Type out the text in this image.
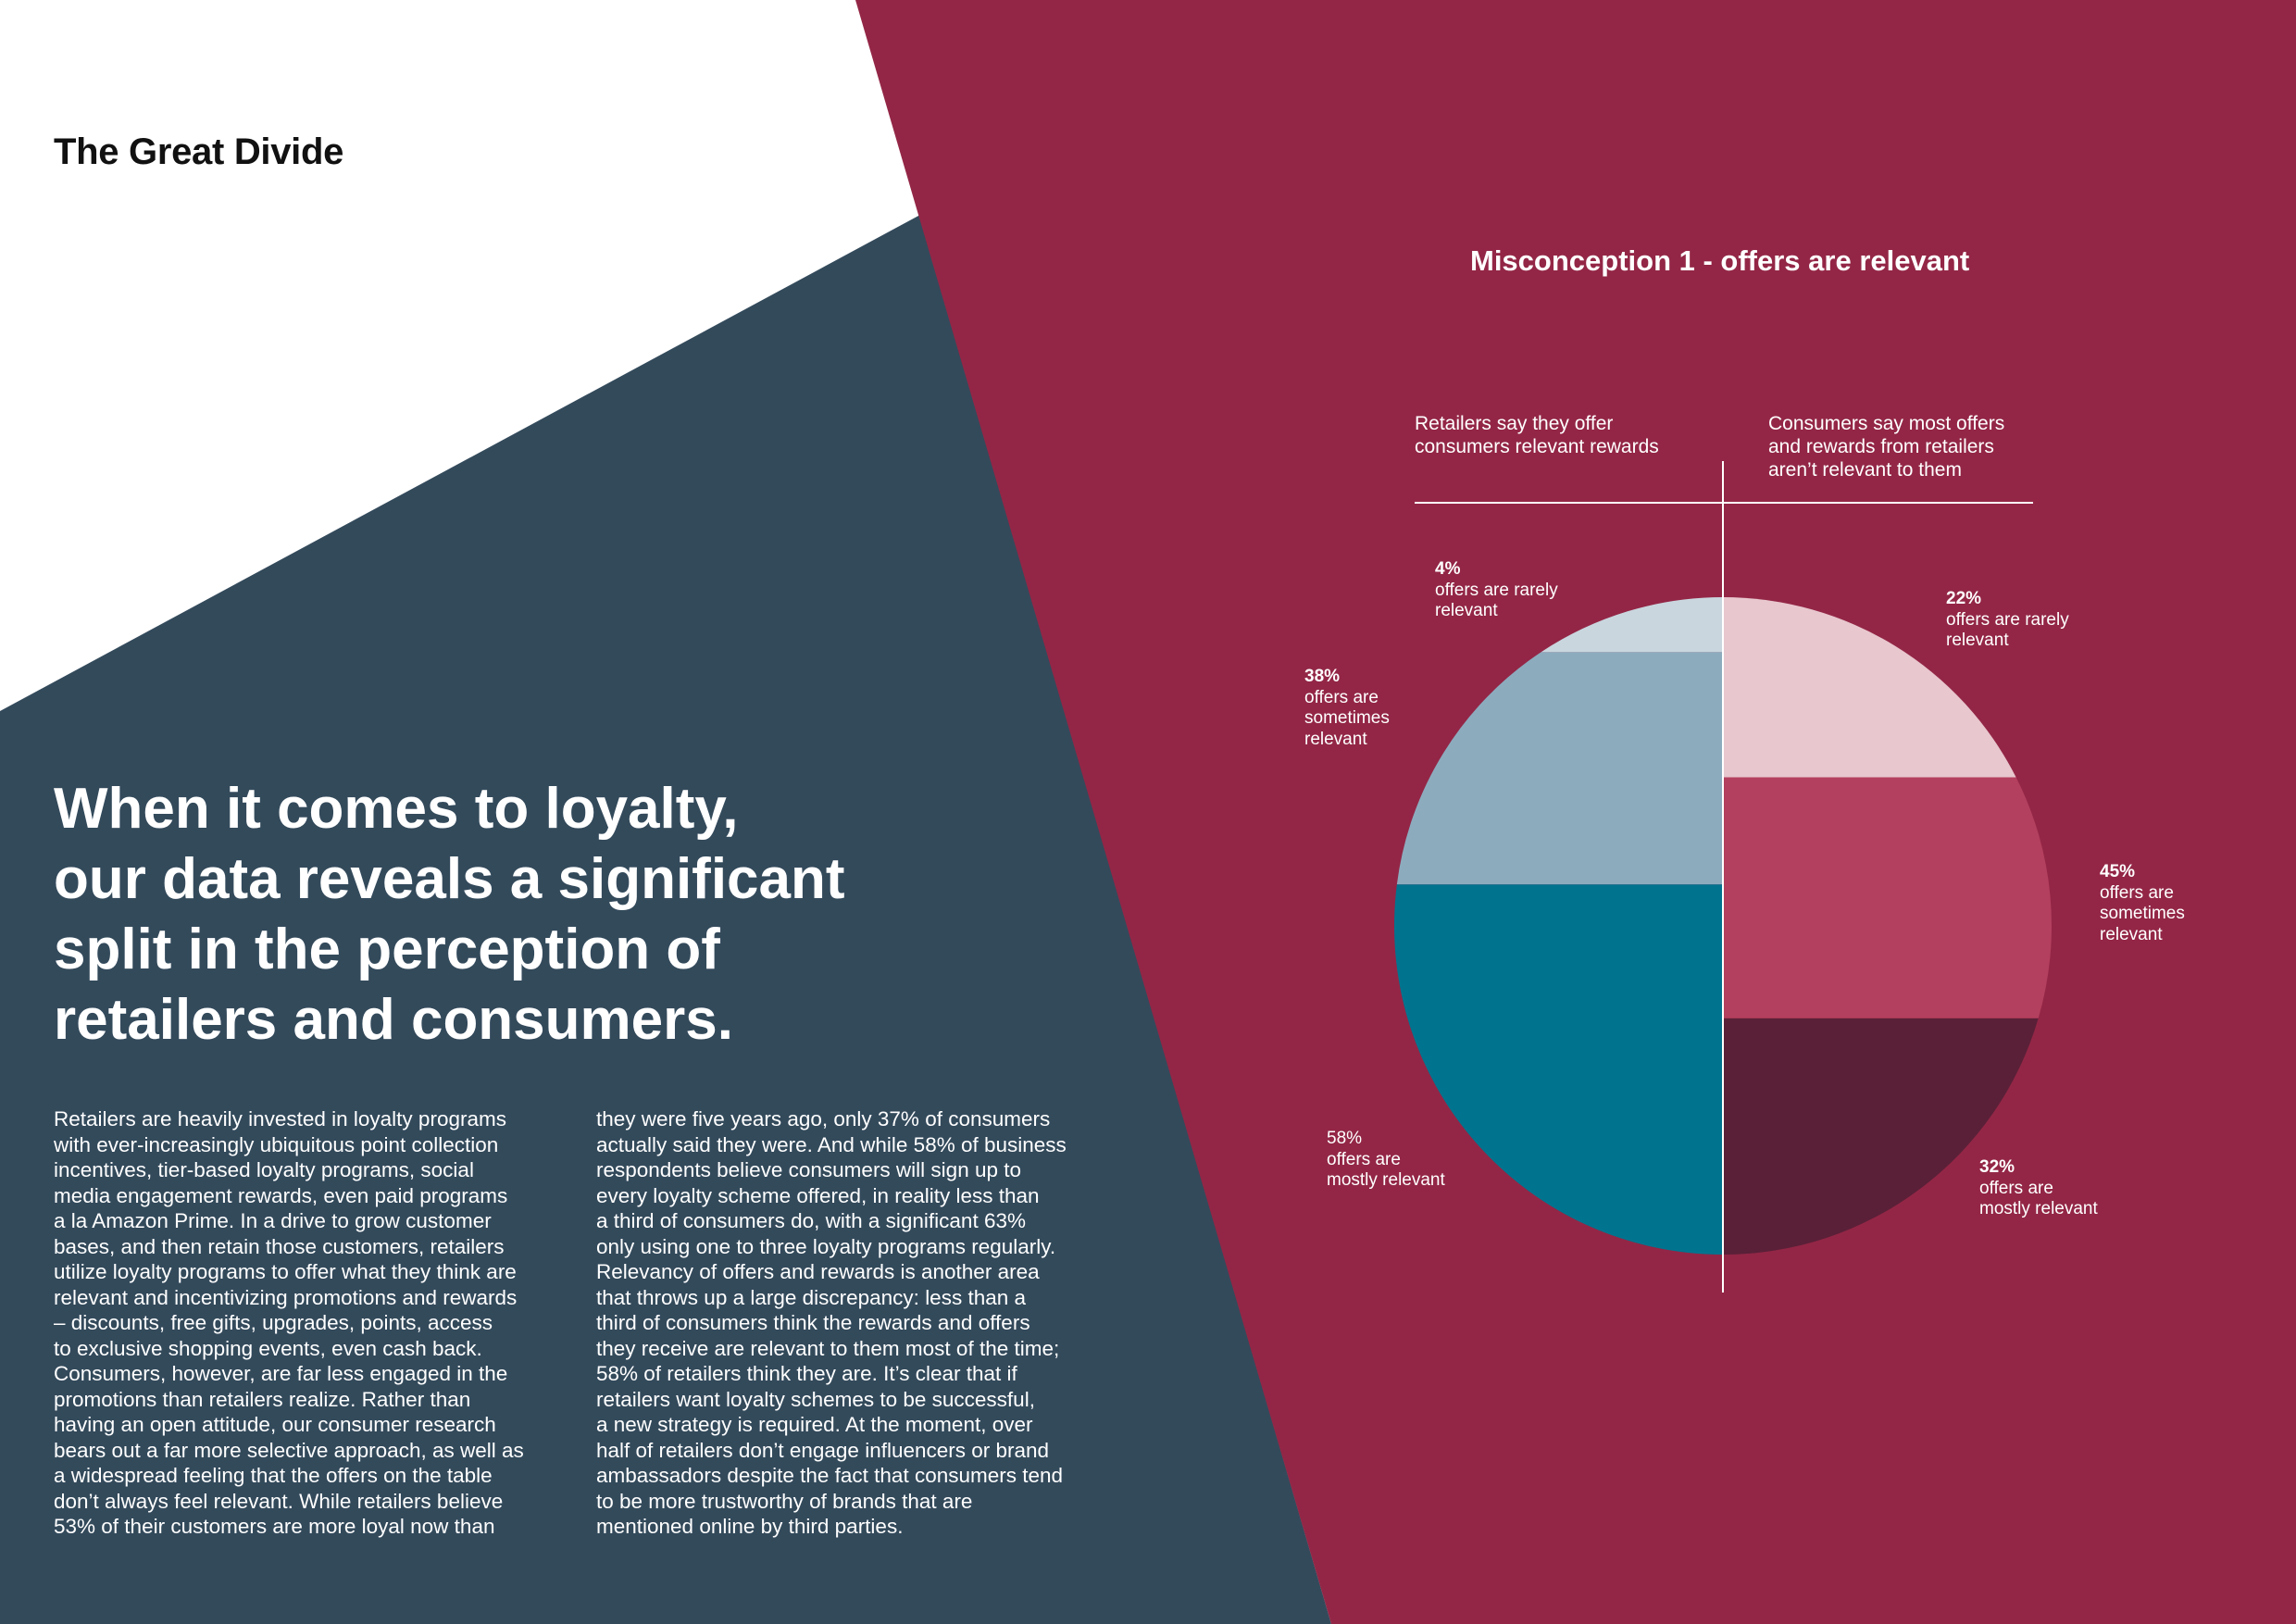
The Great Divide
When it comes to loyalty,
our data reveals a significant
split in the perception of
retailers and consumers.
Retailers are heavily invested in loyalty programs
with ever-increasingly ubiquitous point collection
incentives, tier-based loyalty programs, social
media engagement rewards, even paid programs
a la Amazon Prime. In a drive to grow customer
bases, and then retain those customers, retailers
utilize loyalty programs to offer what they think are
relevant and incentivizing promotions and rewards
– discounts, free gifts, upgrades, points, access
to exclusive shopping events, even cash back.
Consumers, however, are far less engaged in the
promotions than retailers realize. Rather than
having an open attitude, our consumer research
bears out a far more selective approach, as well as
a widespread feeling that the offers on the table
don’t always feel relevant. While retailers believe
53% of their customers are more loyal now than
they were five years ago, only 37% of consumers
actually said they were. And while 58% of business
respondents believe consumers will sign up to
every loyalty scheme offered, in reality less than
a third of consumers do, with a significant 63%
only using one to three loyalty programs regularly.
Relevancy of offers and rewards is another area
that throws up a large discrepancy: less than a
third of consumers think the rewards and offers
they receive are relevant to them most of the time;
58% of retailers think they are. It’s clear that if
retailers want loyalty schemes to be successful,
a new strategy is required. At the moment, over
half of retailers don’t engage influencers or brand
ambassadors despite the fact that consumers tend
to be more trustworthy of brands that are
mentioned online by third parties.
Misconception 1 - offers are relevant
Retailers say they offer
consumers relevant rewards
Consumers say most offers
and rewards from retailers
aren’t relevant to them
4%
offers are rarely
relevant
38%
offers are
sometimes
relevant
58%
offers are
mostly relevant
22%
offers are rarely
relevant
45%
offers are
sometimes
relevant
32%
offers are
mostly relevant
